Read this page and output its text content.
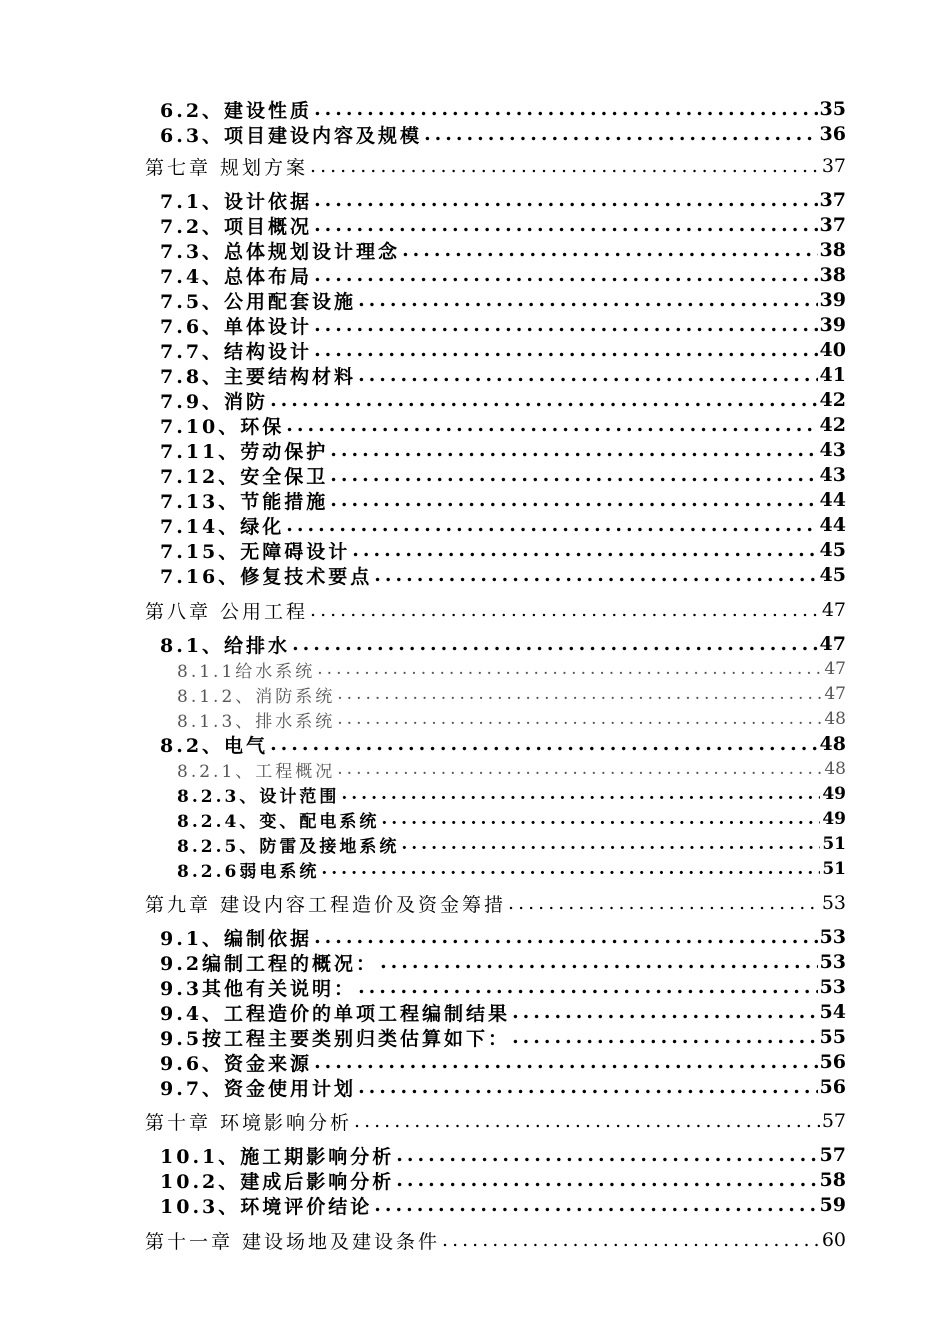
6.2、建设性质 .....	35
6.3、项目建设内容及规模 .....	36
第七章 规划方案 .....	37
7.1、设计依据 .....	37
7.2、项目概况 .....	37
7.3、总体规划设计理念 .....	38
7.4、总体布局 .....	38
7.5、公用配套设施 .....	39
7.6、单体设计 .....	39
7.7、结构设计 .....	40
7.8、主要结构材料 .....	41
7.9、消防 .....	42
7.10、环保 .....	42
7.11、劳动保护 .....	43
7.12、安全保卫 .....	43
7.13、节能措施 .....	44
7.14、绿化 .....	44
7.15、无障碍设计 .....	45
7.16、修复技术要点 .....	45
第八章 公用工程 .....	47
8.1、给排水 .....	47
8.1.1给水系统 .....	47
8.1.2、消防系统 .....	47
8.1.3、排水系统 .....	48
8.2、电气 .....	48
8.2.1、工程概况 .....	48
8.2.3、设计范围 .....	49
8.2.4、变、配电系统 .....	49
8.2.5、防雷及接地系统 .....	51
8.2.6弱电系统 .....	51
第九章 建设内容工程造价及资金筹措 .....	53
9.1、编制依据 .....	53
9.2编制工程的概况： .....	53
9.3其他有关说明： .....	53
9.4、工程造价的单项工程编制结果 .....	54
9.5按工程主要类别归类估算如下： .....	55
9.6、资金来源 .....	56
9.7、资金使用计划 .....	56
第十章 环境影响分析 .....	57
10.1、施工期影响分析 .....	57
10.2、建成后影响分析 .....	58
10.3、环境评价结论 .....	59
第十一章 建设场地及建设条件 .....	60
